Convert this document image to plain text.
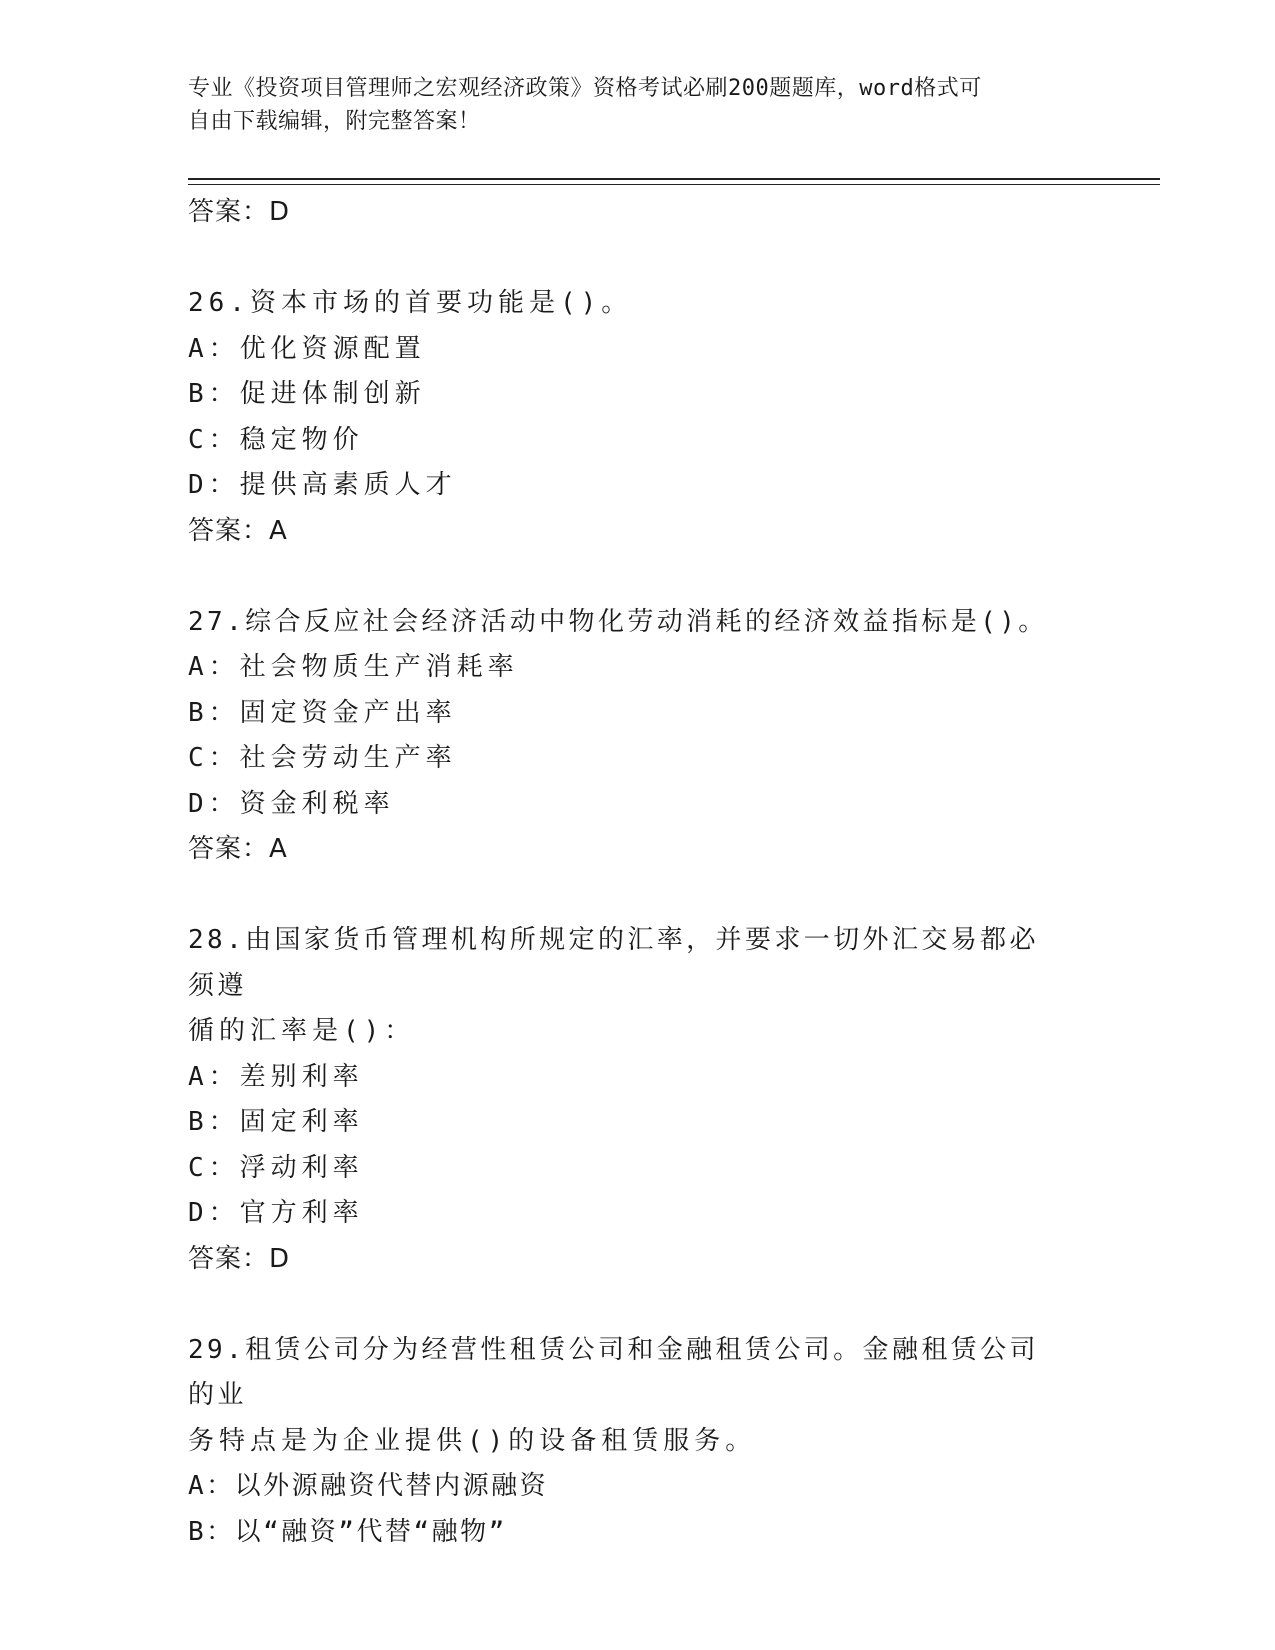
专业《投资项目管理师之宏观经济政策》资格考试必刷200题题库，word格式可
自由下载编辑，附完整答案！
答案：D
26.资本市场的首要功能是()。
A：优化资源配置
B：促进体制创新
C：稳定物价
D：提供高素质人才
答案：A
27.综合反应社会经济活动中物化劳动消耗的经济效益指标是()。
A：社会物质生产消耗率
B：固定资金产出率
C：社会劳动生产率
D：资金利税率
答案：A
28.由国家货币管理机构所规定的汇率，并要求一切外汇交易都必须遵
循的汇率是()：
A：差别利率
B：固定利率
C：浮动利率
D：官方利率
答案：D
29.租赁公司分为经营性租赁公司和金融租赁公司。金融租赁公司的业
务特点是为企业提供()的设备租赁服务。
A：以外源融资代替内源融资
B：以“融资”代替“融物”
